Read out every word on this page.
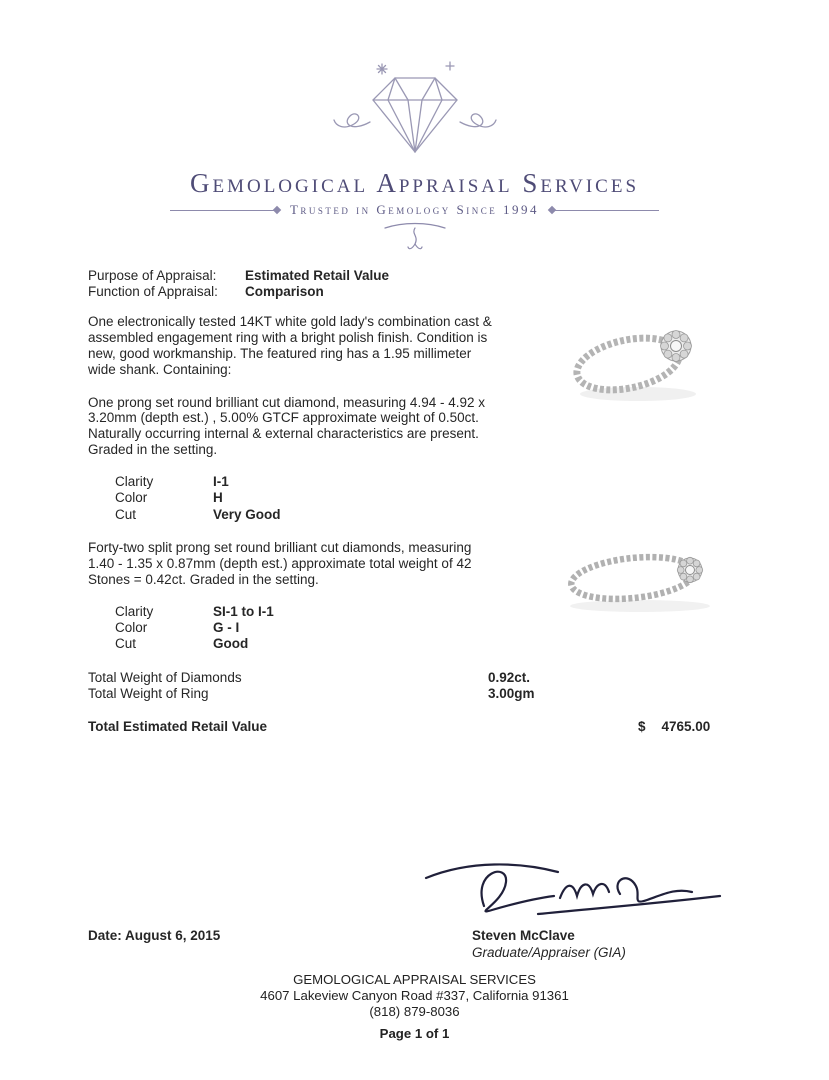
Gemological Appraisal Services
Trusted in Gemology Since 1994
Purpose of Appraisal:	Estimated Retail Value
Function of Appraisal:	Comparison

One electronically tested 14KT white gold lady's combination cast & assembled engagement ring with a bright polish finish. Condition is new, good workmanship. The featured ring has a 1.95 millimeter wide shank. Containing:

One prong set round brilliant cut diamond, measuring 4.94 - 4.92 x 3.20mm (depth est.) , 5.00% GTCF approximate weight of 0.50ct. Naturally occurring internal & external characteristics are present. Graded in the setting.

Clarity	I-1
Color	H
Cut	Very Good

Forty-two split prong set round brilliant cut diamonds, measuring 1.40 - 1.35 x 0.87mm (depth est.) approximate total weight of 42 Stones = 0.42ct. Graded in the setting.

Clarity	SI-1 to I-1
Color	G - I
Cut	Good
Total Weight of Diamonds	0.92ct.
Total Weight of Ring	3.00gm
Total Estimated Retail Value	$ 4765.00
Date: August 6, 2015	Steven McClave
Graduate/Appraiser (GIA)
GEMOLOGICAL APPRAISAL SERVICES
4607 Lakeview Canyon Road #337, California 91361
(818) 879-8036
Page 1 of 1
